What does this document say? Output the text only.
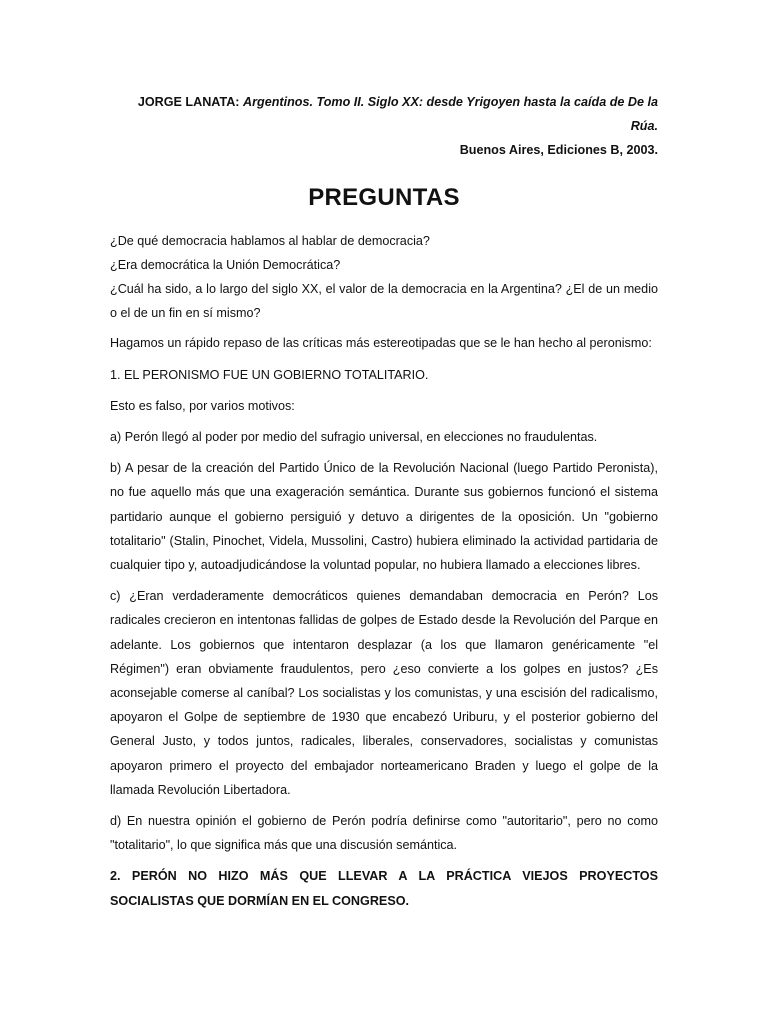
JORGE LANATA: Argentinos. Tomo II. Siglo XX: desde Yrigoyen hasta la caída de De la Rúa.

Buenos Aires, Ediciones B, 2003.

PREGUNTAS

¿De qué democracia hablamos al hablar de democracia?

¿Era democrática la Unión Democrática?

¿Cuál ha sido, a lo largo del siglo XX, el valor de la democracia en la Argentina? ¿El de un medio o el de un fin en sí mismo?

Hagamos un rápido repaso de las críticas más estereotipadas que se le han hecho al peronismo:

1. EL PERONISMO FUE UN GOBIERNO TOTALITARIO.

Esto es falso, por varios motivos:

a) Perón llegó al poder por medio del sufragio universal, en elecciones no fraudulentas.

b) A pesar de la creación del Partido Único de la Revolución Nacional (luego Partido Peronista), no fue aquello más que una exageración semántica. Durante sus gobiernos funcionó el sistema partidario aunque el gobierno persiguió y detuvo a dirigentes de la oposición. Un "gobierno totalitario" (Stalin, Pinochet, Videla, Mussolini, Castro) hubiera eliminado la actividad partidaria de cualquier tipo y, autoadjudicándose la voluntad popular, no hubiera llamado a elecciones libres.

c) ¿Eran verdaderamente democráticos quienes demandaban democracia en Perón? Los radicales crecieron en intentonas fallidas de golpes de Estado desde la Revolución del Parque en adelante. Los gobiernos que intentaron desplazar (a los que llamaron genéricamente "el Régimen") eran obviamente fraudulentos, pero ¿eso convierte a los golpes en justos? ¿Es aconsejable comerse al caníbal? Los socialistas y los comunistas, y una escisión del radicalismo, apoyaron el Golpe de septiembre de 1930 que encabezó Uriburu, y el posterior gobierno del General Justo, y todos juntos, radicales, liberales, conservadores, socialistas y comunistas apoyaron primero el proyecto del embajador norteamericano Braden y luego el golpe de la llamada Revolución Libertadora.

d) En nuestra opinión el gobierno de Perón podría definirse como "autoritario", pero no como "totalitario", lo que significa más que una discusión semántica.

2. PERÓN NO HIZO MÁS QUE LLEVAR A LA PRÁCTICA VIEJOS PROYECTOS SOCIALISTAS QUE DORMÍAN EN EL CONGRESO.
